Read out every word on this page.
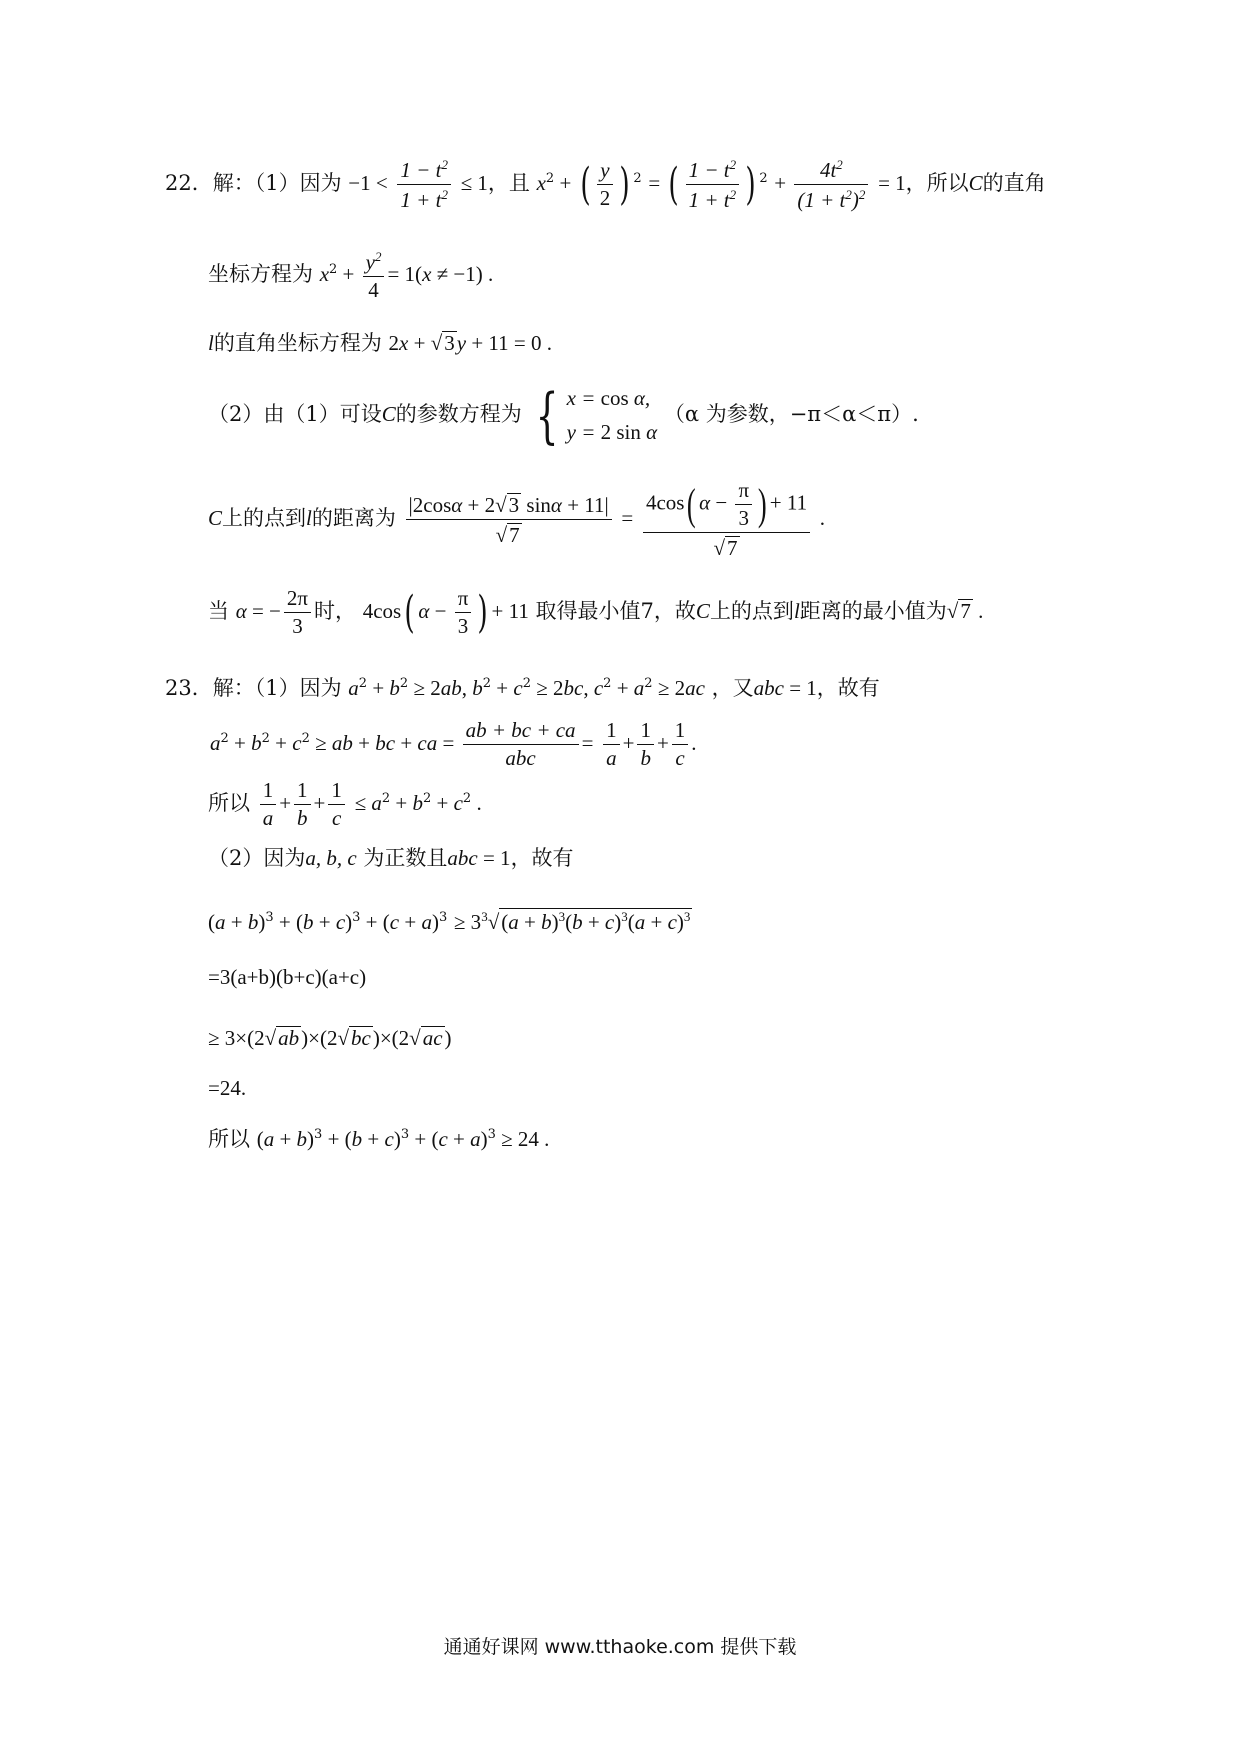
22．解：（1）因为 $-1 < \frac{1 - t^2}{1 + t^2} \le 1$，且 $x^2$ + ( $\frac{y}{2}$ ) $^2$ = ( $\frac{1 - t^2}{1 + t^2}$ ) $^2 + \frac{4t^2}{(1 + t^2)^2} = 1$，所以C的直角
坐标方程为 $x^2 + \frac{y^2}{4} = 1(x \ne -1)$ .
l的直角坐标方程为 2x + √3y + 11 = 0 .
（2）由（1）可设C的参数方程为 { x = cos α,
y = 2 sin α
（α 为参数，−π＜α＜π）.
C上的点到l的距离为 $\frac{|2\cos\alpha + 2√3 \sin\alpha + 11|}{√7} = \frac{4\cos( \alpha - \frac{\pi}{3} ) + 11}{√7}$ .
当 α = − $\frac{2\pi}{3}$ 时， 4cos( $\alpha - \frac{\pi}{3}$ ) + 11 取得最小值7，故C上的点到l距离的最小值为√7 .
23．解：（1）因为 $a^2 + b^2 \ge 2ab$, $b^2 + c^2 \ge 2bc$, $c^2 + a^2 \ge 2ac$ ，又abc = 1，故有
$a^2 + b^2 + c^2$ ≥ ab + bc + ca = $\frac{ab + bc + ca}{\text{abc}} = \frac{1}{a} + \frac{1}{b} + \frac{1}{c}$ .
所以 $\frac{1}{a} + \frac{1}{b} + \frac{1}{c} \le a^2 + b^2 + c^2$ .
（2）因为a, b, c 为正数且abc = 1，故有
$(a + b)^3 + (b + c)^3 + (c + a)^3 \ge 3^3√(a + b)^3(b + c)^3(a + c)^3$
=3(a+b)(b+c)(a+c)
≥ 3×(2√ab)×(2√bc)×(2√ac)
=24.
所以 $(a + b)^3 + (b + c)^3 + (c + a)^3 \ge 24$ .
通通好课网 www.tthaoke.com 提供下载
